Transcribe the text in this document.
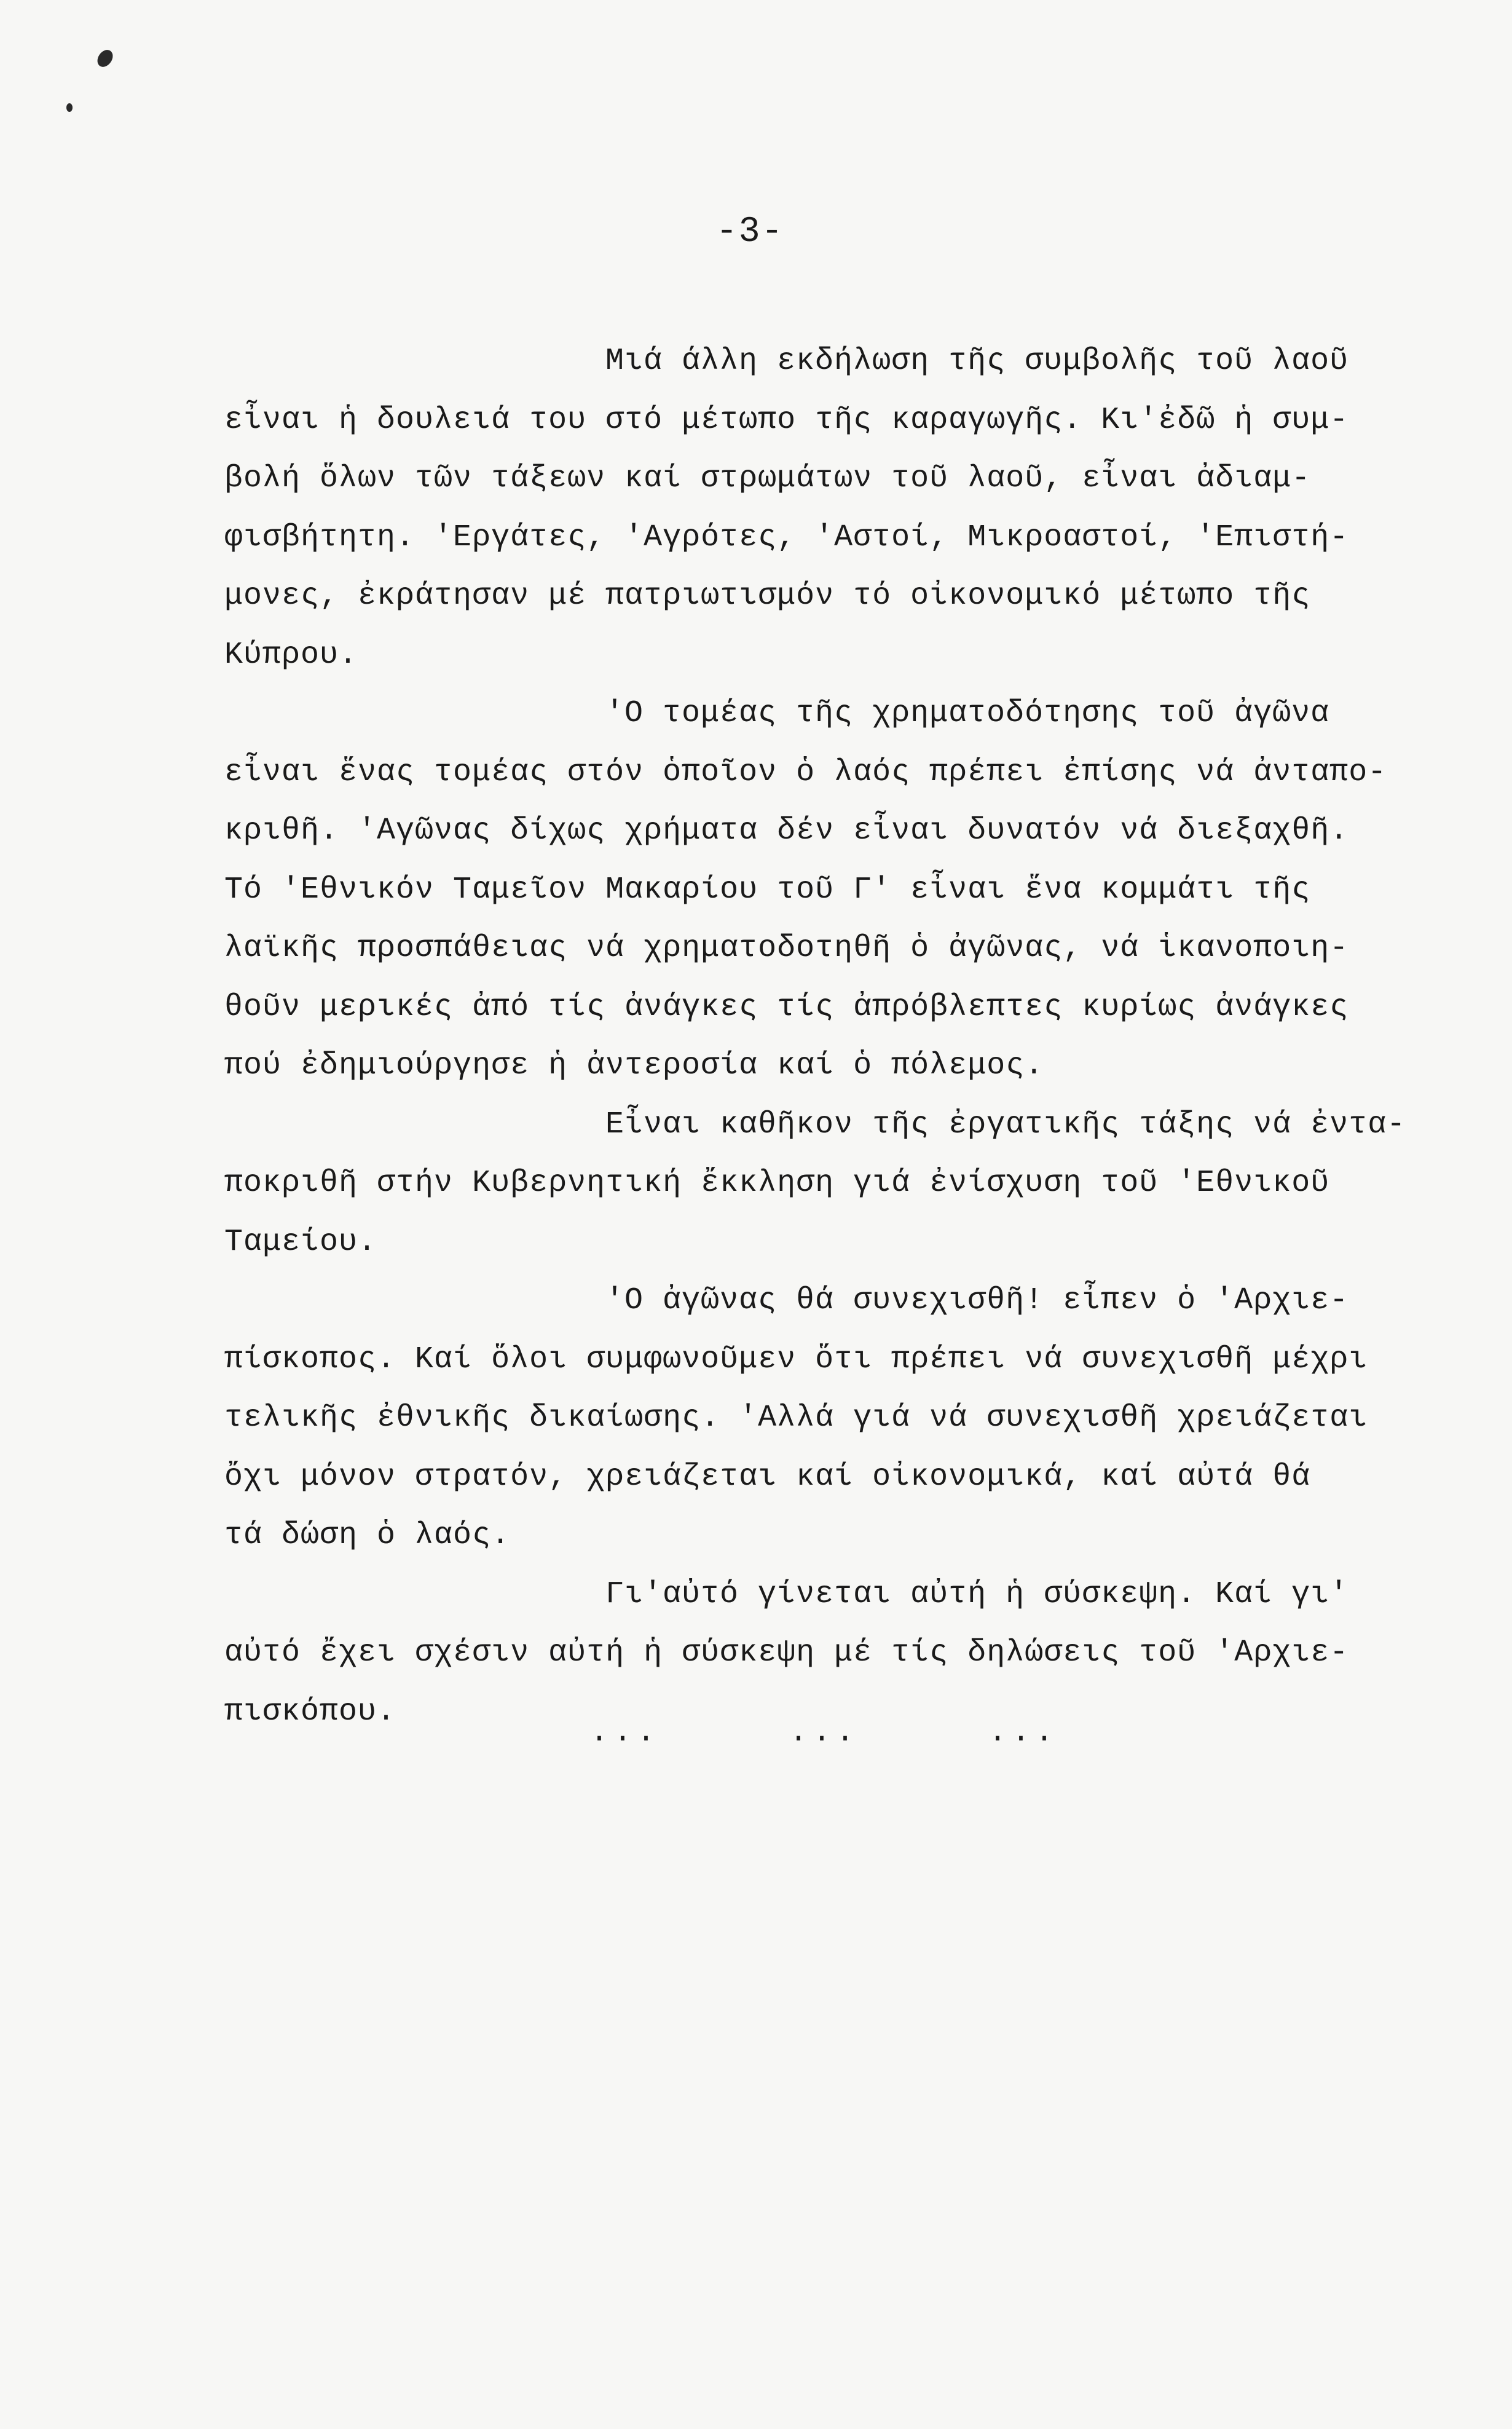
-3-
Μιά άλλη εκδήλωση τῆς συμβολῆς τοῦ λαοῦ
εἶναι ἡ δουλειά του στό μέτωπο τῆς καραγωγῆς. Κι'ἐδῶ ἡ συμ-
βολή ὅλων τῶν τάξεων καί στρωμάτων τοῦ λαοῦ, εἶναι ἀδιαμ-
φισβήτητη. 'Εργάτες, 'Αγρότες, 'Αστοί, Μικροαστοί, 'Επιστή-
μονες, ἐκράτησαν μέ πατριωτισμόν τό οἰκονομικό μέτωπο τῆς
Κύπρου.
'Ο τομέας τῆς χρηματοδότησης τοῦ ἀγῶνα
εἶναι ἕνας τομέας στόν ὁποῖον ὁ λαός πρέπει ἐπίσης νά ἀνταπο-
κριθῆ. 'Αγῶνας δίχως χρήματα δέν εἶναι δυνατόν νά διεξαχθῆ.
Τό 'Εθνικόν Ταμεῖον Μακαρίου τοῦ Γ' εἶναι ἕνα κομμάτι τῆς
λαϊκῆς προσπάθειας νά χρηματοδοτηθῆ ὁ ἀγῶνας, νά ἱκανοποιη-
θοῦν μερικές ἀπό τίς ἀνάγκες τίς ἀπρόβλεπτες κυρίως ἀνάγκες
πού ἐδημιούργησε ἡ ἀντεροσία καί ὁ πόλεμος.
Εἶναι καθῆκον τῆς ἐργατικῆς τάξης νά ἐντα-
ποκριθῆ στήν Κυβερνητική ἔκκληση γιά ἐνίσχυση τοῦ 'Εθνικοῦ
Ταμείου.
'Ο ἀγῶνας θά συνεχισθῆ! εἶπεν ὁ 'Αρχιε-
πίσκοπος. Καί ὅλοι συμφωνοῦμεν ὅτι πρέπει νά συνεχισθῆ μέχρι
τελικῆς ἐθνικῆς δικαίωσης. 'Αλλά γιά νά συνεχισθῆ χρειάζεται
ὄχι μόνον στρατόν, χρειάζεται καί οἰκονομικά, καί αὐτά θά
τά δώση ὁ λαός.
Γι'αὐτό γίνεται αὐτή ἡ σύσκεψη. Καί γι'
αὐτό ἔχει σχέσιν αὐτή ἡ σύσκεψη μέ τίς δηλώσεις τοῦ 'Αρχιε-
πισκόπου.
...	...	...
